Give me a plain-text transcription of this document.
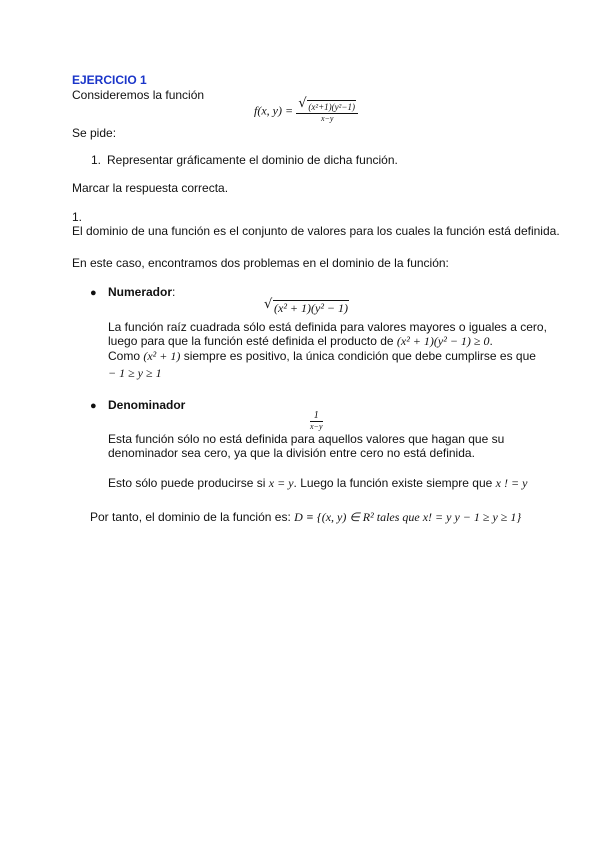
EJERCICIO 1
Consideremos la función
f(x, $y) = \frac{\text{√ (x²+1)(y²−1)}}{x-y}$
Se pide:
1. Representar gráficamente el dominio de dicha función.
Marcar la respuesta correcta.
1.
El dominio de una función es el conjunto de valores para los cuales la función está definida.
En este caso, encontramos dos problemas en el dominio de la función:
● Numerador:
√ (x² + 1)(y² − 1)
La función raíz cuadrada sólo está definida para valores mayores o iguales a cero,
luego para que la función esté definida el producto de (x² + 1)(y² − 1) ≥ 0.
Como (x² + 1) siempre es positivo, la única condición que debe cumplirse es que
− 1 ≥ y ≥ 1
● Denominador
$\frac{1}{x-y}$
Esta función sólo no está definida para aquellos valores que hagan que su
denominador sea cero, ya que la división entre cero no está definida.
Esto sólo puede producirse si x = y. Luego la función existe siempre que x ! = y
Por tanto, el dominio de la función es: D ≡ {(x, y) ∈ R² tales que x! = y y − 1 ≥ y ≥ 1}
